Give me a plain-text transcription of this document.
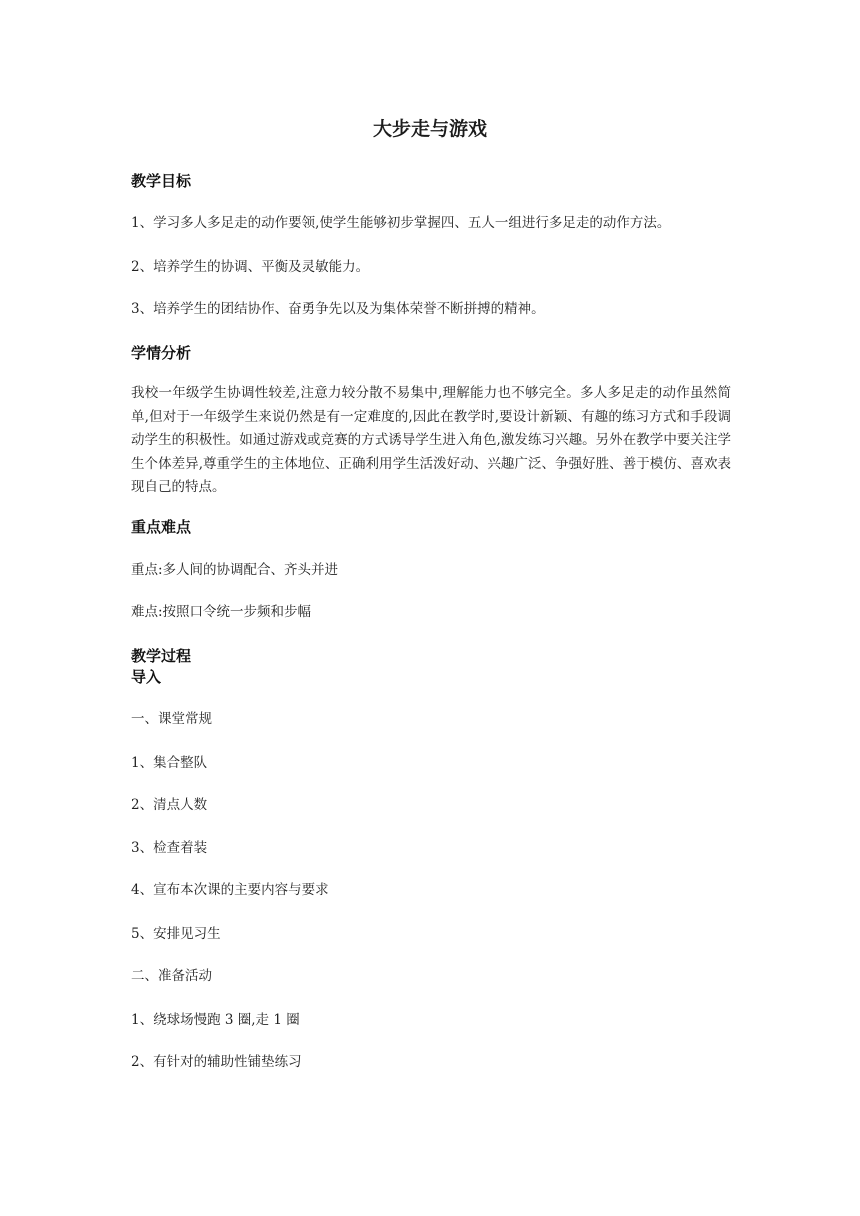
大步走与游戏
教学目标
1、学习多人多足走的动作要领,使学生能够初步掌握四、五人一组进行多足走的动作方法。
2、培养学生的协调、平衡及灵敏能力。
3、培养学生的团结协作、奋勇争先以及为集体荣誉不断拼搏的精神。
学情分析
我校一年级学生协调性较差,注意力较分散不易集中,理解能力也不够完全。多人多足走的动作虽然简单,但对于一年级学生来说仍然是有一定难度的,因此在教学时,要设计新颖、有趣的练习方式和手段调动学生的积极性。如通过游戏或竞赛的方式诱导学生进入角色,激发练习兴趣。另外在教学中要关注学生个体差异,尊重学生的主体地位、正确利用学生活泼好动、兴趣广泛、争强好胜、善于模仿、喜欢表现自己的特点。
重点难点
重点:多人间的协调配合、齐头并进
难点:按照口令统一步频和步幅
教学过程
导入
一、课堂常规
1、集合整队
2、清点人数
3、检查着装
4、宣布本次课的主要内容与要求
5、安排见习生
二、准备活动
1、绕球场慢跑 3 圈,走 1 圈
2、有针对的辅助性铺垫练习
